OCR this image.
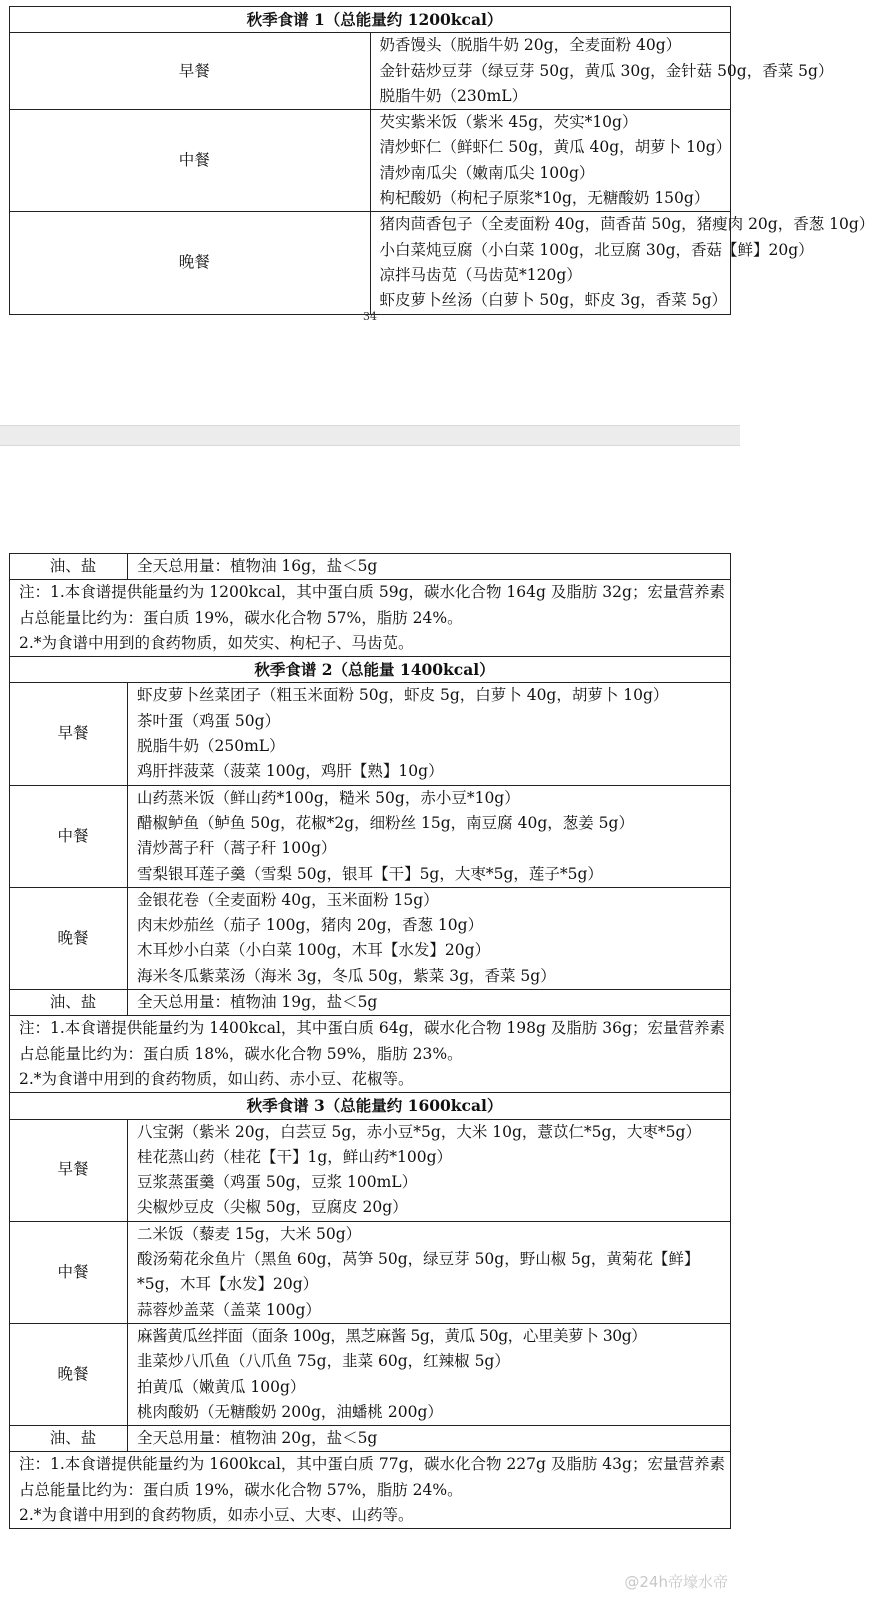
秋季食谱 1（总能量约 1200kcal）	
早餐	奶香馒头（脱脂牛奶 20g，全麦面粉 40g）
金针菇炒豆芽（绿豆芽 50g，黄瓜 30g，金针菇 50g，香菜 5g）
脱脂牛奶（230mL）

中餐	芡实紫米饭（紫米 45g，芡实*10g）
清炒虾仁（鲜虾仁 50g，黄瓜 40g，胡萝卜 10g）
清炒南瓜尖（嫩南瓜尖 100g）
枸杞酸奶（枸杞子原浆*10g，无糖酸奶 150g）

晚餐	猪肉茴香包子（全麦面粉 40g，茴香苗 50g，猪瘦肉 20g，香葱 10g）
小白菜炖豆腐（小白菜 100g，北豆腐 30g，香菇【鲜】20g）
凉拌马齿苋（马齿苋*120g）
虾皮萝卜丝汤（白萝卜 50g，虾皮 3g，香菜 5g）
34
油、盐	全天总用量：植物油 16g，盐＜5g

注：1.本食谱提供能量约为 1200kcal，其中蛋白质 59g，碳水化合物 164g 及脂肪 32g；宏量营养素占总能量比约为：蛋白质 19%，碳水化合物 57%，脂肪 24%。
2.*为食谱中用到的食药物质，如芡实、枸杞子、马齿苋。	

秋季食谱 2（总能量 1400kcal）	
早餐	虾皮萝卜丝菜团子（粗玉米面粉 50g，虾皮 5g，白萝卜 40g，胡萝卜 10g）
茶叶蛋（鸡蛋 50g）
脱脂牛奶（250mL）
鸡肝拌菠菜（菠菜 100g，鸡肝【熟】10g）

中餐	山药蒸米饭（鲜山药*100g，糙米 50g，赤小豆*10g）
醋椒鲈鱼（鲈鱼 50g，花椒*2g，细粉丝 15g，南豆腐 40g，葱姜 5g）
清炒蒿子秆（蒿子秆 100g）
雪梨银耳莲子羹（雪梨 50g，银耳【干】5g，大枣*5g，莲子*5g）

晚餐	金银花卷（全麦面粉 40g，玉米面粉 15g）
肉末炒茄丝（茄子 100g，猪肉 20g，香葱 10g）
木耳炒小白菜（小白菜 100g，木耳【水发】20g）
海米冬瓜紫菜汤（海米 3g，冬瓜 50g，紫菜 3g，香菜 5g）

油、盐	全天总用量：植物油 19g，盐＜5g

注：1.本食谱提供能量约为 1400kcal，其中蛋白质 64g，碳水化合物 198g 及脂肪 36g；宏量营养素占总能量比约为：蛋白质 18%，碳水化合物 59%，脂肪 23%。
2.*为食谱中用到的食药物质，如山药、赤小豆、花椒等。	

秋季食谱 3（总能量约 1600kcal）	
早餐	八宝粥（紫米 20g，白芸豆 5g，赤小豆*5g，大米 10g，薏苡仁*5g，大枣*5g）
桂花蒸山药（桂花【干】1g，鲜山药*100g）
豆浆蒸蛋羹（鸡蛋 50g，豆浆 100mL）
尖椒炒豆皮（尖椒 50g，豆腐皮 20g）

中餐	二米饭（藜麦 15g，大米 50g）
酸汤菊花氽鱼片（黑鱼 60g，莴笋 50g，绿豆芽 50g，野山椒 5g，黄菊花【鲜】*5g，木耳【水发】20g）
蒜蓉炒盖菜（盖菜 100g）

晚餐	麻酱黄瓜丝拌面（面条 100g，黑芝麻酱 5g，黄瓜 50g，心里美萝卜 30g）
韭菜炒八爪鱼（八爪鱼 75g，韭菜 60g，红辣椒 5g）
拍黄瓜（嫩黄瓜 100g）
桃肉酸奶（无糖酸奶 200g，油蟠桃 200g）

油、盐	全天总用量：植物油 20g，盐＜5g

注：1.本食谱提供能量约为 1600kcal，其中蛋白质 77g，碳水化合物 227g 及脂肪 43g；宏量营养素占总能量比约为：蛋白质 19%，碳水化合物 57%，脂肪 24%。
2.*为食谱中用到的食药物质，如赤小豆、大枣、山药等。	
@24h帝壕水帝
